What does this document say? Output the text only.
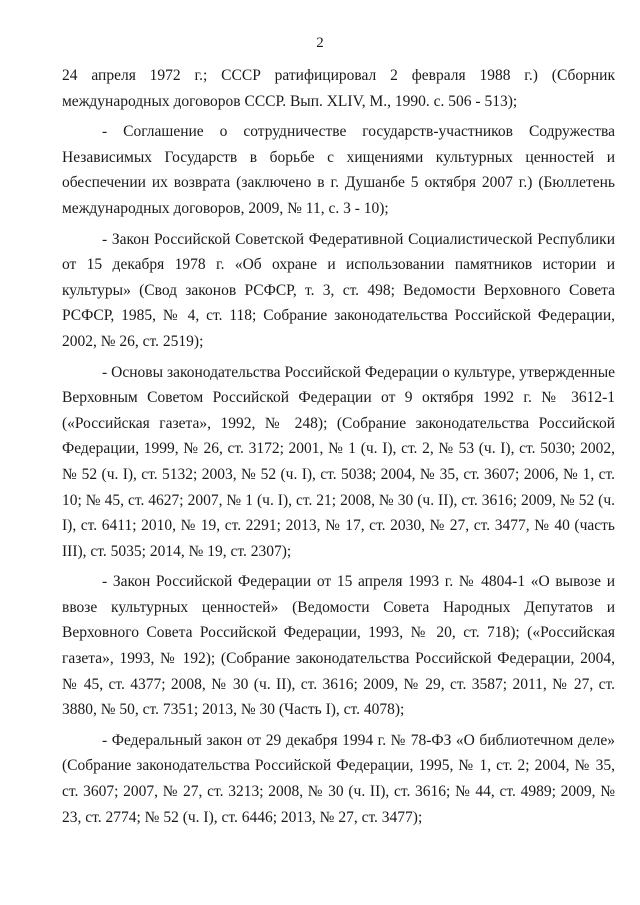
2

24 апреля 1972 г.; СССР ратифицировал 2 февраля 1988 г.) (Сборник международных договоров СССР. Вып. XLIV, М., 1990. с. 506 - 513);

- Соглашение о сотрудничестве государств-участников Содружества Независимых Государств в борьбе с хищениями культурных ценностей и обеспечении их возврата (заключено в г. Душанбе 5 октября 2007 г.) (Бюллетень международных договоров, 2009, № 11, с. 3 - 10);

- Закон Российской Советской Федеративной Социалистической Республики от 15 декабря 1978 г. «Об охране и использовании памятников истории и культуры» (Свод законов РСФСР, т. 3, ст. 498; Ведомости Верховного Совета РСФСР, 1985, № 4, ст. 118; Собрание законодательства Российской Федерации, 2002, № 26, ст. 2519);

- Основы законодательства Российской Федерации о культуре, утвержденные Верховным Советом Российской Федерации от 9 октября 1992 г. № 3612-1 («Российская газета», 1992, № 248); (Собрание законодательства Российской Федерации, 1999, № 26, ст. 3172; 2001, № 1 (ч. I), ст. 2, № 53 (ч. I), ст. 5030; 2002, № 52 (ч. I), ст. 5132; 2003, № 52 (ч. I), ст. 5038; 2004, № 35, ст. 3607; 2006, № 1, ст. 10; № 45, ст. 4627; 2007, № 1 (ч. I), ст. 21; 2008, № 30 (ч. II), ст. 3616; 2009, № 52 (ч. I), ст. 6411; 2010, № 19, ст. 2291; 2013, № 17, ст. 2030, № 27, ст. 3477, № 40 (часть III), ст. 5035; 2014, № 19, ст. 2307);

- Закон Российской Федерации от 15 апреля 1993 г. № 4804-1 «О вывозе и ввозе культурных ценностей» (Ведомости Совета Народных Депутатов и Верховного Совета Российской Федерации, 1993, № 20, ст. 718); («Российская газета», 1993, № 192); (Собрание законодательства Российской Федерации, 2004, № 45, ст. 4377; 2008, № 30 (ч. II), ст. 3616; 2009, № 29, ст. 3587; 2011, № 27, ст. 3880, № 50, ст. 7351; 2013, № 30 (Часть I), ст. 4078);

- Федеральный закон от 29 декабря 1994 г. № 78-ФЗ «О библиотечном деле» (Собрание законодательства Российской Федерации, 1995, № 1, ст. 2; 2004, № 35, ст. 3607; 2007, № 27, ст. 3213; 2008, № 30 (ч. II), ст. 3616; № 44, ст. 4989; 2009, № 23, ст. 2774; № 52 (ч. I), ст. 6446; 2013, № 27, ст. 3477);
